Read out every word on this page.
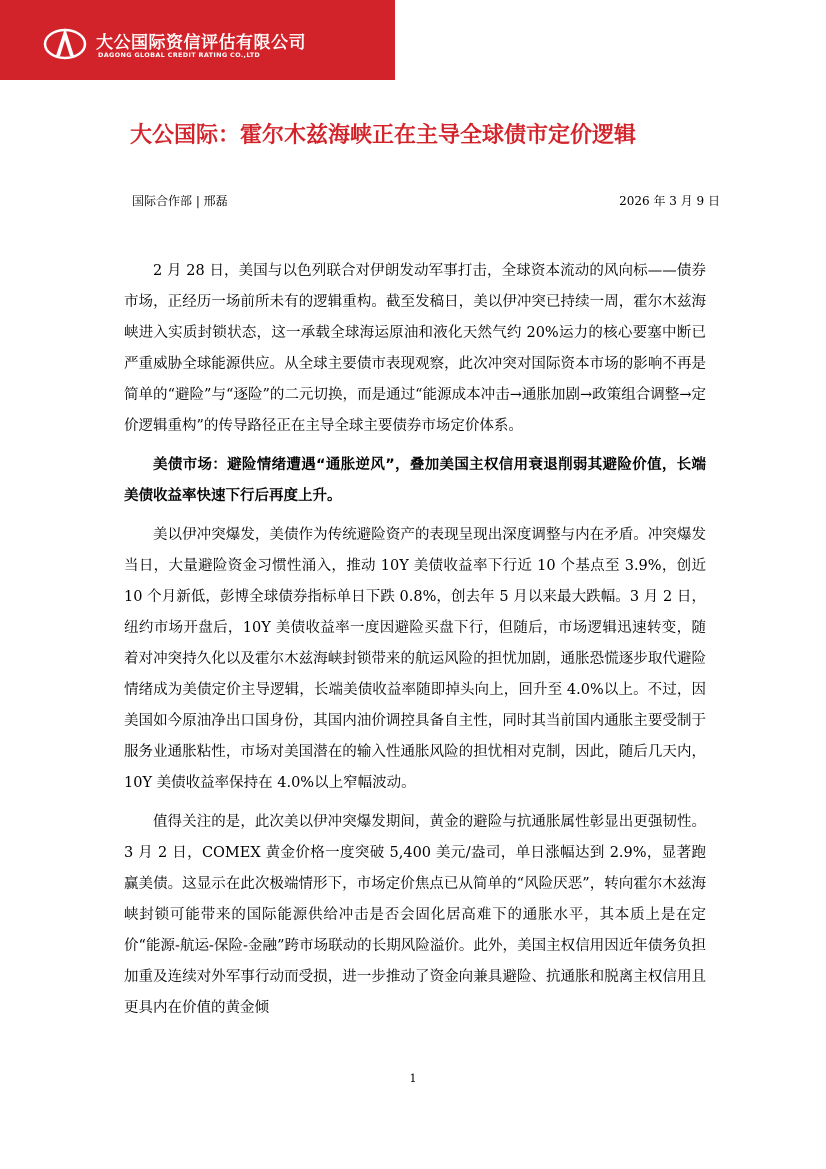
大公国际资信评估有限公司
DAGONG GLOBAL CREDIT RATING CO.,LTD
大公国际：霍尔木兹海峡正在主导全球债市定价逻辑
国际合作部 | 邢磊	2026 年 3 月 9 日

2 月 28 日，美国与以色列联合对伊朗发动军事打击，全球资本流动的风向标——债券市场，正经历一场前所未有的逻辑重构。截至发稿日，美以伊冲突已持续一周，霍尔木兹海峡进入实质封锁状态，这一承载全球海运原油和液化天然气约 20%运力的核心要塞中断已严重威胁全球能源供应。从全球主要债市表现观察，此次冲突对国际资本市场的影响不再是简单的“避险”与“逐险”的二元切换，而是通过“能源成本冲击→通胀加剧→政策组合调整→定价逻辑重构”的传导路径正在主导全球主要债券市场定价体系。

美债市场：避险情绪遭遇“通胀逆风”，叠加美国主权信用衰退削弱其避险价值，长端美债收益率快速下行后再度上升。

美以伊冲突爆发，美债作为传统避险资产的表现呈现出深度调整与内在矛盾。冲突爆发当日，大量避险资金习惯性涌入，推动 10Y 美债收益率下行近 10 个基点至 3.9%，创近 10 个月新低，彭博全球债券指标单日下跌 0.8%，创去年 5 月以来最大跌幅。3 月 2 日，纽约市场开盘后，10Y 美债收益率一度因避险买盘下行，但随后，市场逻辑迅速转变，随着对冲突持久化以及霍尔木兹海峡封锁带来的航运风险的担忧加剧，通胀恐慌逐步取代避险情绪成为美债定价主导逻辑，长端美债收益率随即掉头向上，回升至 4.0%以上。不过，因美国如今原油净出口国身份，其国内油价调控具备自主性，同时其当前国内通胀主要受制于服务业通胀粘性，市场对美国潜在的输入性通胀风险的担忧相对克制，因此，随后几天内，10Y 美债收益率保持在 4.0%以上窄幅波动。

值得关注的是，此次美以伊冲突爆发期间，黄金的避险与抗通胀属性彰显出更强韧性。3 月 2 日，COMEX 黄金价格一度突破 5,400 美元/盎司，单日涨幅达到 2.9%，显著跑赢美债。这显示在此次极端情形下，市场定价焦点已从简单的“风险厌恶”，转向霍尔木兹海峡封锁可能带来的国际能源供给冲击是否会固化居高难下的通胀水平，其本质上是在定价“能源-航运-保险-金融”跨市场联动的长期风险溢价。此外，美国主权信用因近年债务负担加重及连续对外军事行动而受损，进一步推动了资金向兼具避险、抗通胀和脱离主权信用且更具内在价值的黄金倾

1
